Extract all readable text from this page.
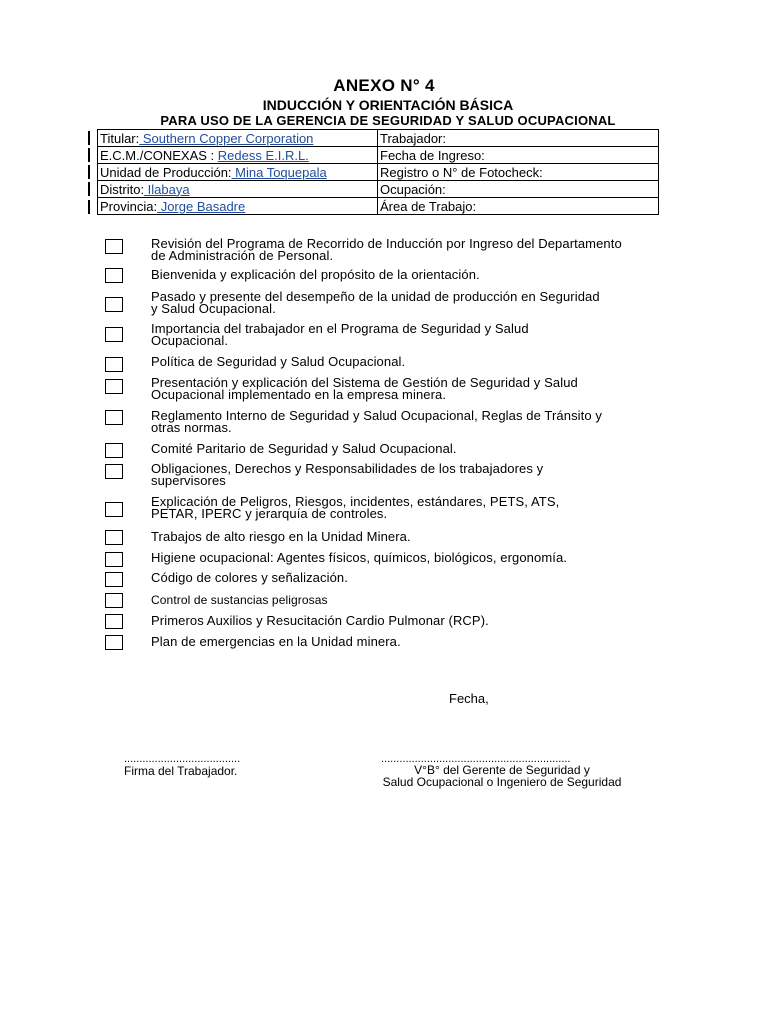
ANEXO N° 4
INDUCCIÓN Y ORIENTACIÓN BÁSICA
PARA USO DE LA GERENCIA DE SEGURIDAD Y SALUD OCUPACIONAL
Titular: Southern Copper Corporation	Trabajador:
E.C.M./CONEXAS : Redess E.I.R.L.	Fecha de Ingreso:
Unidad de Producción: Mina Toquepala	Registro o N° de Fotocheck:
Distrito: Ilabaya	Ocupación:
Provincia: Jorge Basadre	Área de Trabajo:
Revisión del Programa de Recorrido de Inducción por Ingreso del Departamento
de Administración de Personal.
Bienvenida y explicación del propósito de la orientación.
Pasado y presente del desempeño de la unidad de producción en Seguridad
y Salud Ocupacional.
Importancia del trabajador en el Programa de Seguridad y Salud
Ocupacional.
Política de Seguridad y Salud Ocupacional.
Presentación y explicación del Sistema de Gestión de Seguridad y Salud
Ocupacional implementado en la empresa minera.
Reglamento Interno de Seguridad y Salud Ocupacional, Reglas de Tránsito y
otras normas.
Comité Paritario de Seguridad y Salud Ocupacional.
Obligaciones, Derechos y Responsabilidades de los trabajadores y
supervisores
Explicación de Peligros, Riesgos, incidentes, estándares, PETS, ATS,
PETAR, IPERC y jerarquía de controles.
Trabajos de alto riesgo en la Unidad Minera.
Higiene ocupacional: Agentes físicos, químicos, biológicos, ergonomía.
Código de colores y señalización.
Control de sustancias peligrosas
Primeros Auxilios y Resucitación Cardio Pulmonar (RCP).
Plan de emergencias en la Unidad minera.
Fecha,
......................................	..............................................................
Firma del Trabajador.	V°B° del Gerente de Seguridad y
Salud Ocupacional o Ingeniero de Seguridad
